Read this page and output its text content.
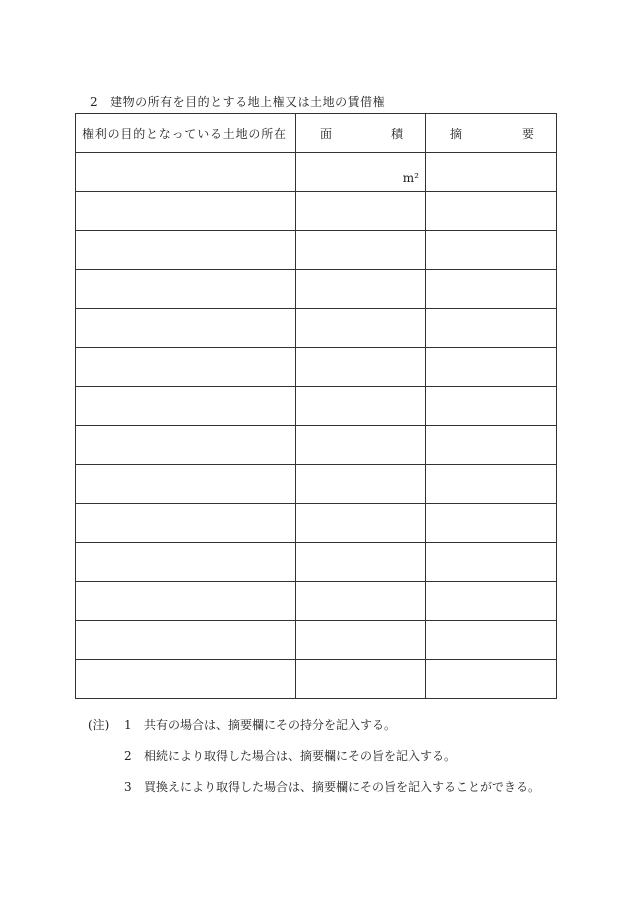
2 建物の所有を目的とする地上権又は土地の賃借権
権利の目的となっている土地の所在	面 積	摘 要

	m²	

(注)	1	共有の場合は、摘要欄にその持分を記入する。
2	相続により取得した場合は、摘要欄にその旨を記入する。
3	買換えにより取得した場合は、摘要欄にその旨を記入することができる。
